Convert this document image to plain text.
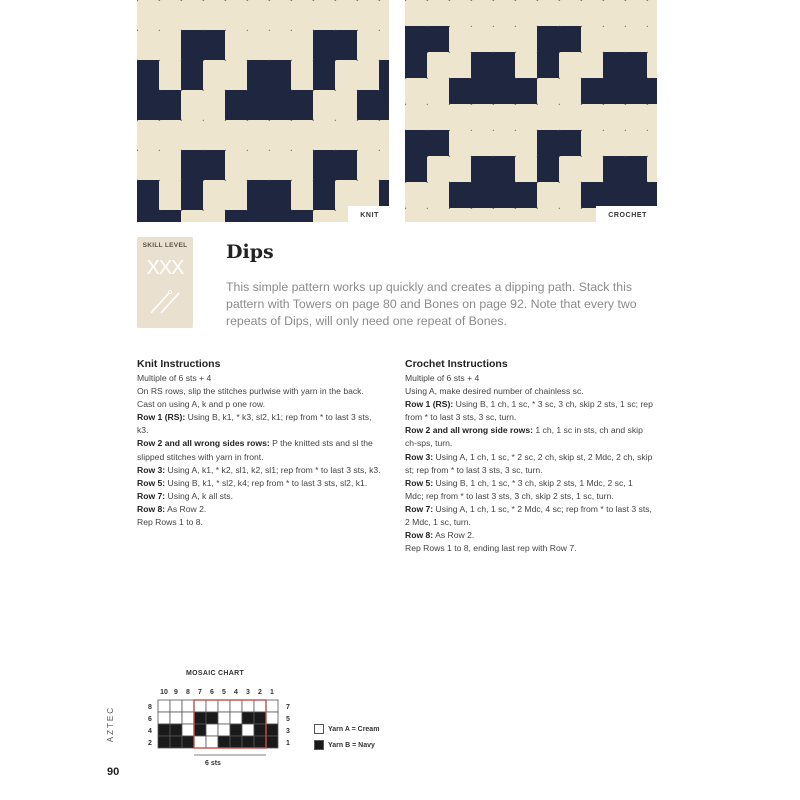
KNIT	CROCHET
SKILL LEVEL
XXX
Dips

This simple pattern works up quickly and creates a dipping path. Stack this pattern with Towers on page 80 and Bones on page 92. Note that every two repeats of Dips, will only need one repeat of Bones.

Knit Instructions

Multiple of 6 sts + 4

On RS rows, slip the stitches purlwise with yarn in the back.

Cast on using A, k and p one row.

Row 1 (RS): Using B, k1, * k3, sl2, k1; rep from * to last 3 sts, k3.

Row 2 and all wrong sides rows: P the knitted sts and sl the slipped stitches with yarn in front.

Row 3: Using A, k1, * k2, sl1, k2, sl1; rep from * to last 3 sts, k3.

Row 5: Using B, k1, * sl2, k4; rep from * to last 3 sts, sl2, k1.

Row 7: Using A, k all sts.

Row 8: As Row 2.

Rep Rows 1 to 8.

Crochet Instructions

Multiple of 6 sts + 4

Using A, make desired number of chainless sc.

Row 1 (RS): Using B, 1 ch, 1 sc, * 3 sc, 3 ch, skip 2 sts, 1 sc; rep from * to last 3 sts, 3 sc, turn.

Row 2 and all wrong side rows: 1 ch, 1 sc in sts, ch and skip ch-sps, turn.

Row 3: Using A, 1 ch, 1 sc, * 2 sc, 2 ch, skip st, 2 Mdc, 2 ch, skip st; rep from * to last 3 sts, 3 sc, turn.

Row 5: Using B, 1 ch, 1 sc, * 3 ch, skip 2 sts, 1 Mdc, 2 sc, 1 Mdc; rep from * to last 3 sts, 3 ch, skip 2 sts, 1 sc, turn.

Row 7: Using A, 1 ch, 1 sc, * 2 Mdc, 4 sc; rep from * to last 3 sts, 2 Mdc, 1 sc, turn.

Row 8: As Row 2.

Rep Rows 1 to 8, ending last rep with Row 7.

MOSAIC CHART
10 9 8 7 6 5 4 3 2 1
8	7
6	5
4	3
2	1
Yarn A = Cream
Yarn B = Navy
6 sts
AZTEC
90
